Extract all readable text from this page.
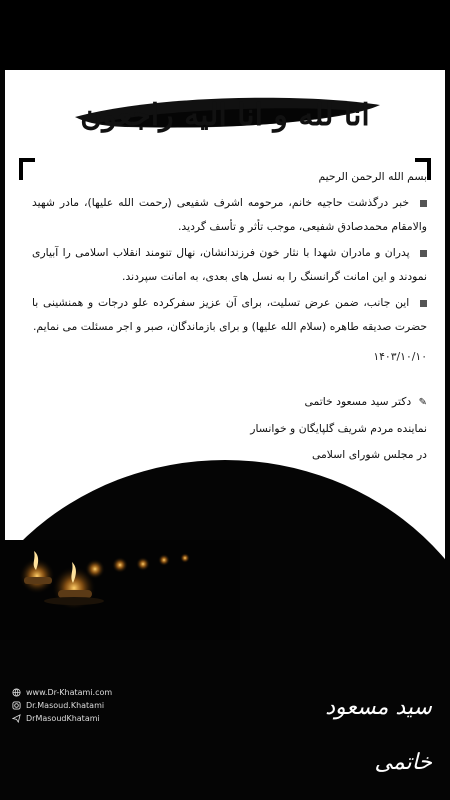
انا لله و انا الیه راجعون

بسم الله الرحمن الرحیم

خبر درگذشت حاجیه خانم، مرحومه اشرف شفیعی (رحمت الله علیها)، مادر شهید والامقام محمدصادق شفیعی، موجب تأثر و تأسف گردید.

پدران و مادران شهدا با نثار خون فرزندانشان، نهال تنومند انقلاب اسلامی را آبیاری نمودند و این امانت گرانسنگ را به نسل های بعدی، به امانت سپردند.

این جانب، ضمن عرض تسلیت، برای آن عزیز سفرکرده علو درجات و همنشینی با حضرت صدیقه طاهره (سلام الله علیها) و برای بازماندگان، صبر و اجر مسئلت می نمایم.

۱۴۰۳/۱۰/۱۰

✎ دکتر سید مسعود خاتمی
نماینده مردم شریف گلپایگان و خوانسار
در مجلس شورای اسلامی
www.Dr-Khatami.com
Dr.Masoud.Khatami
DrMasoudKhatami	سید مسعود خاتمی
